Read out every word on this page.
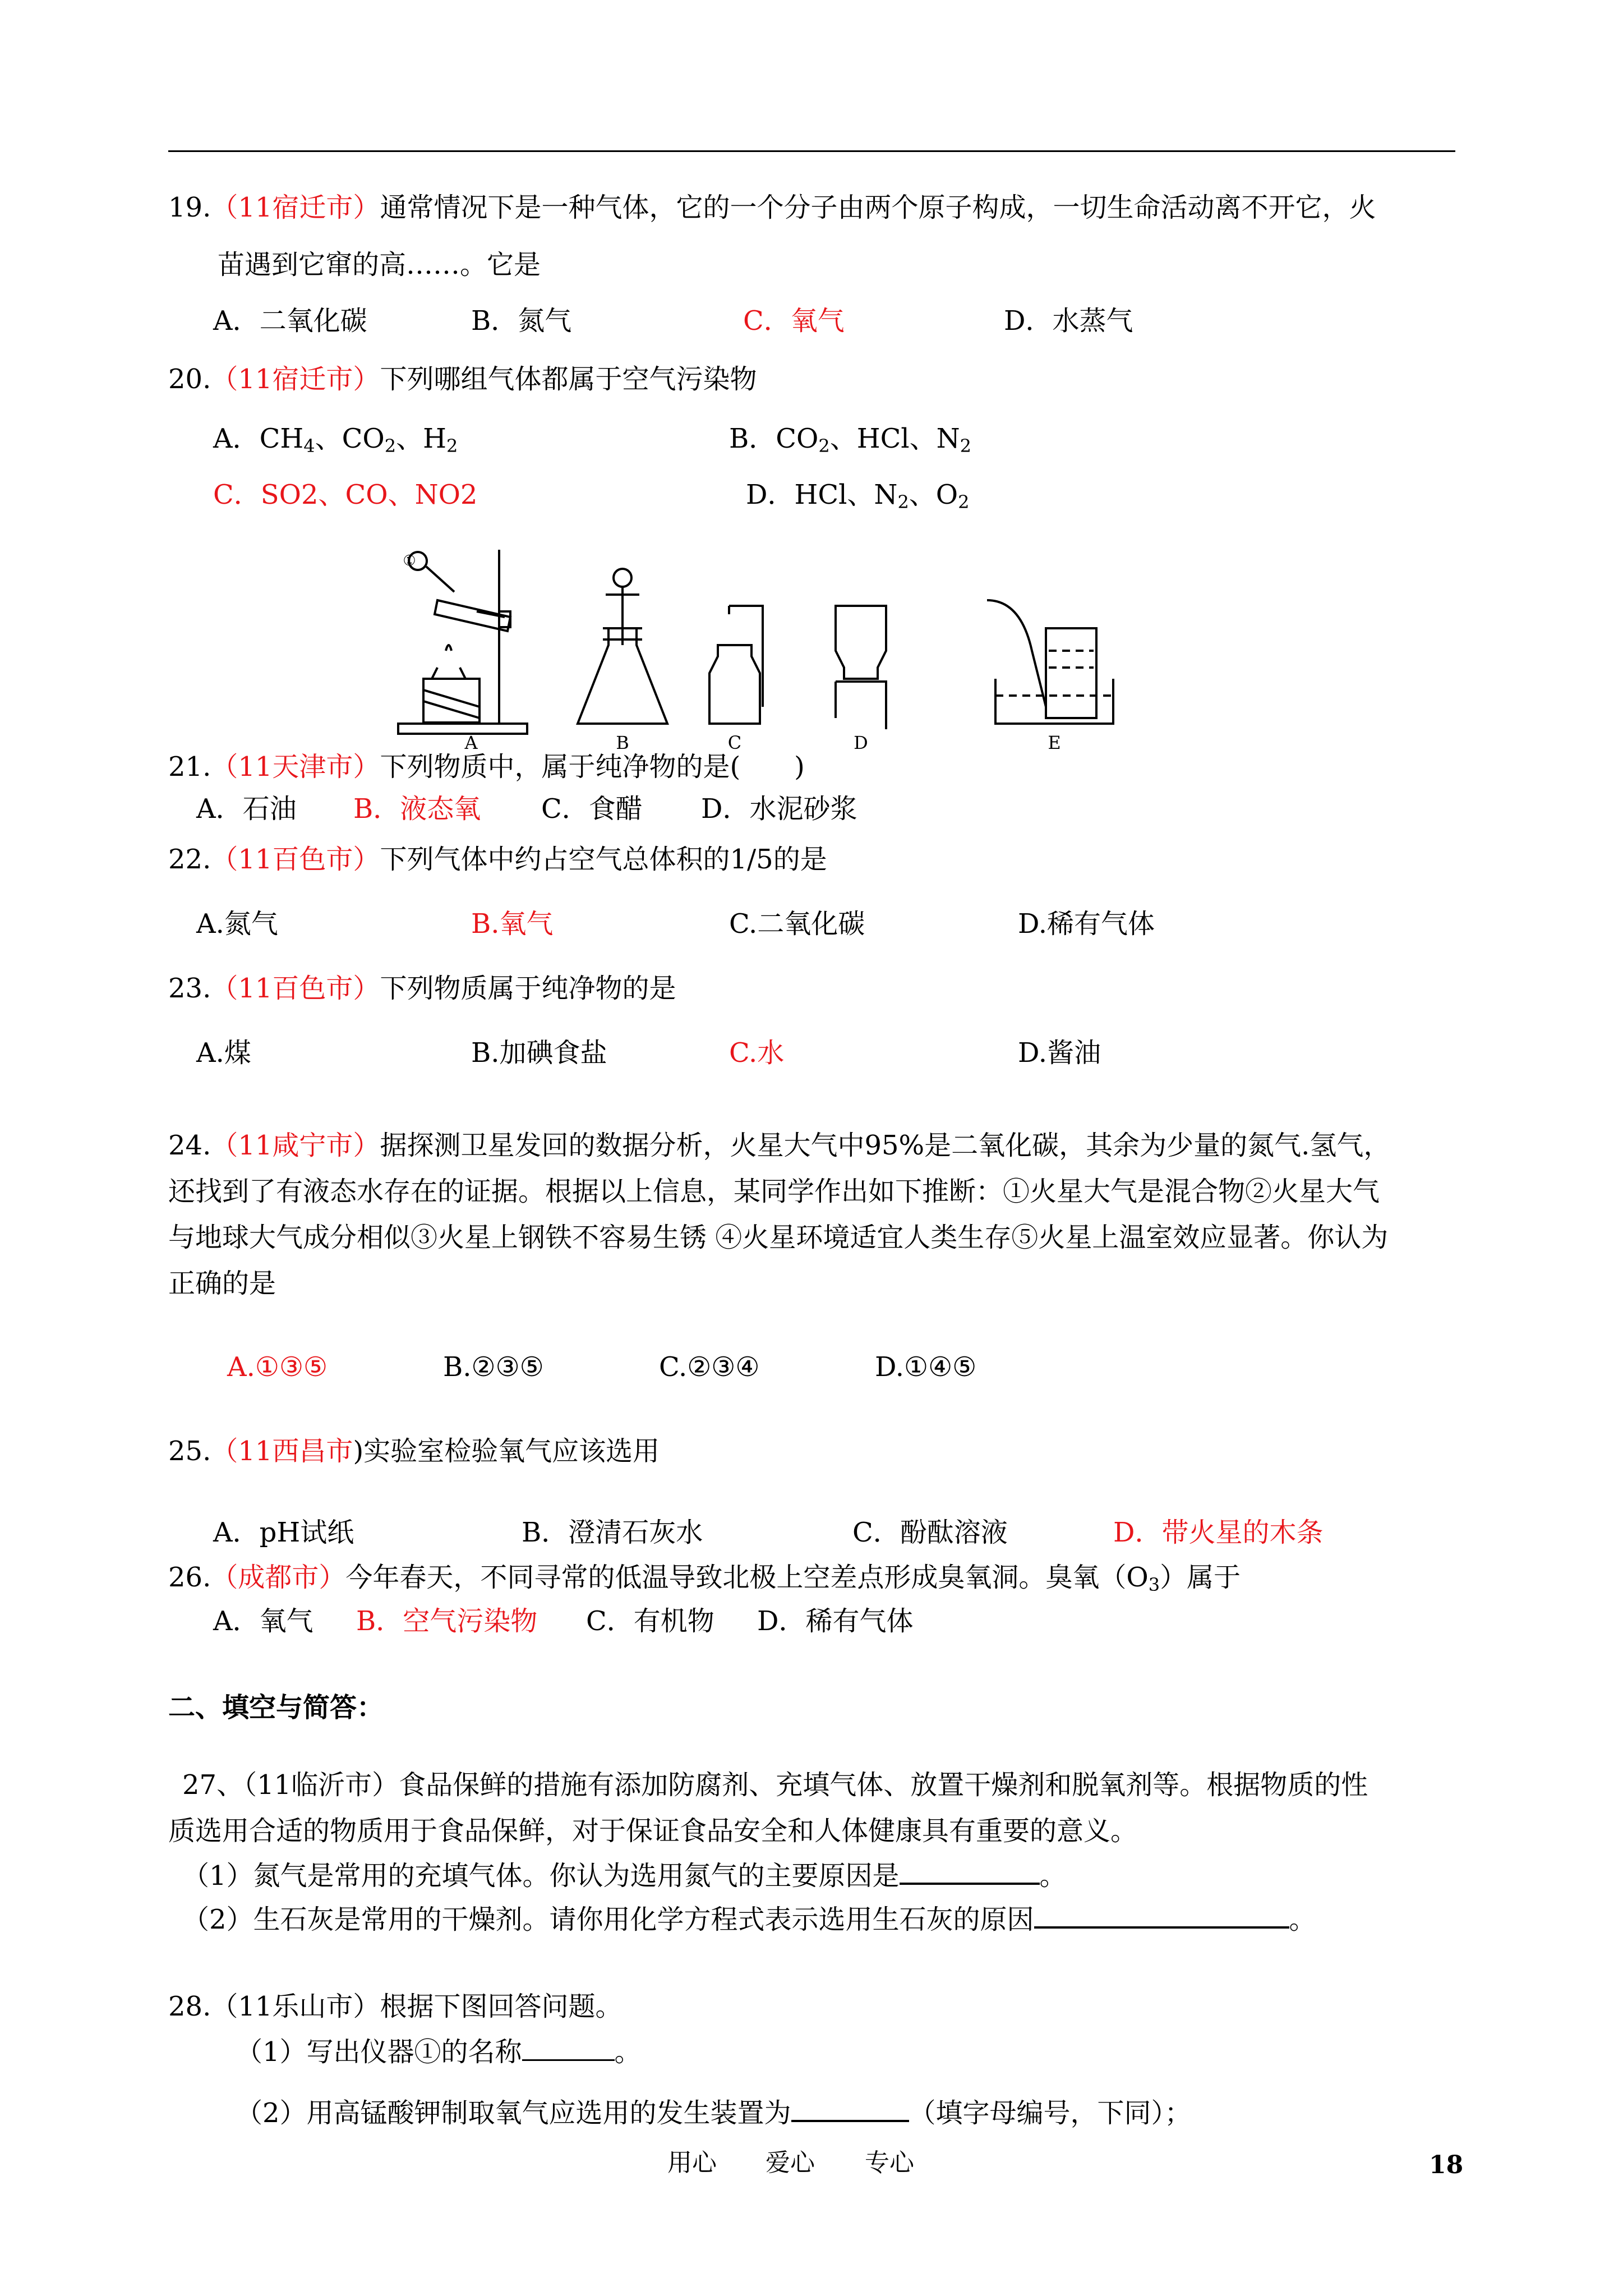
19.（11宿迁市）通常情况下是一种气体，它的一个分子由两个原子构成，一切生命活动离不开它，火
苗遇到它窜的高……。它是
A．二氧化碳	B．氮气	C．氧气	D．水蒸气
20.（11宿迁市）下列哪组气体都属于空气污染物
A．$CH_4$、$CO_2$、$H_2$	B．$CO_2$、HCl、$N_2$
C．SO2、CO、NO2	D．HCl、$N_2$、$O_2$
①
A	B	C	D	E
21.（11天津市）下列物质中，属于纯净物的是(　　)
A．石油 B．液态氧 C．食醋 D．水泥砂浆
22.（11百色市）下列气体中约占空气总体积的1/5的是
A.氮气	B.氧气	C.二氧化碳	D.稀有气体
23.（11百色市）下列物质属于纯净物的是
A.煤	B.加碘食盐	C.水	D.酱油
24.（11咸宁市）据探测卫星发回的数据分析，火星大气中95%是二氧化碳，其余为少量的氮气.氢气，
还找到了有液态水存在的证据。根据以上信息，某同学作出如下推断：①火星大气是混合物②火星大气
与地球大气成分相似③火星上钢铁不容易生锈 ④火星环境适宜人类生存⑤火星上温室效应显著。你认为
正确的是
A.①③⑤	B.②③⑤	C.②③④	D.①④⑤
25.（11西昌市)实验室检验氧气应该选用
A．pH试纸	B．澄清石灰水	C．酚酞溶液	D．带火星的木条
26.（成都市）今年春天，不同寻常的低温导致北极上空差点形成臭氧洞。臭氧$(O_3)$属于
A．氧气 B．空气污染物 C．有机物 D．稀有气体
二、填空与简答：
27、（11临沂市）食品保鲜的措施有添加防腐剂、充填气体、放置干燥剂和脱氧剂等。根据物质的性
质选用合适的物质用于食品保鲜，对于保证食品安全和人体健康具有重要的意义。
（1）氮气是常用的充填气体。你认为选用氮气的主要原因是	。
（2）生石灰是常用的干燥剂。请你用化学方程式表示选用生石灰的原因	。
28.（11乐山市）根据下图回答问题。
（1）写出仪器①的名称	。
（2）用高锰酸钾制取氧气应选用的发生装置为	（填字母编号，下同）；
用心 爱心 专心	18
